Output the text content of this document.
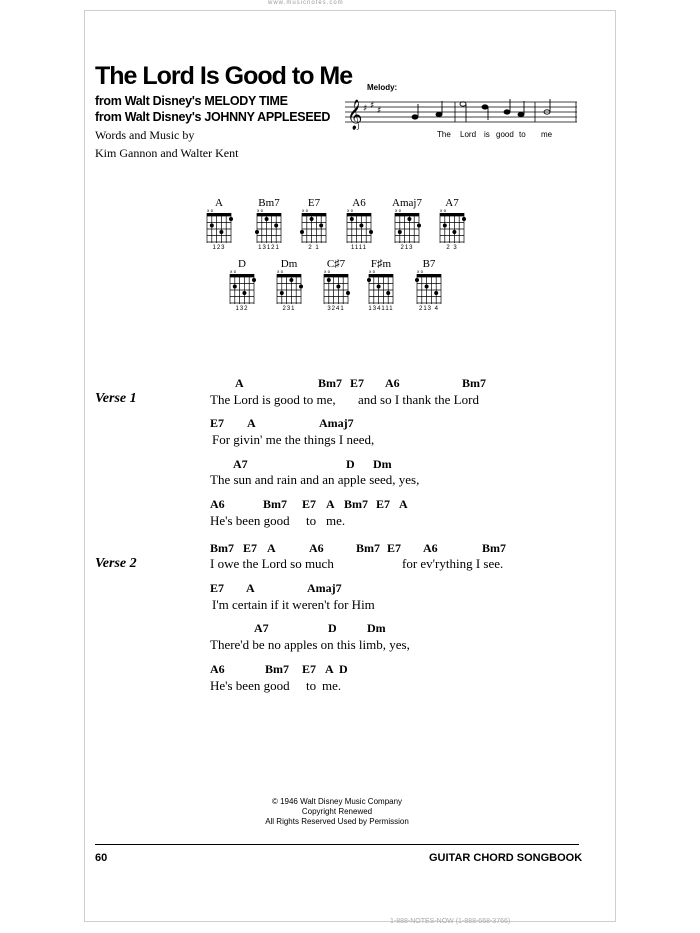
www.musicnotes.com
The Lord Is Good to Me
from Walt Disney's MELODY TIME
from Walt Disney's JOHNNY APPLESEED
Words and Music by
Kim Gannon and Walter Kent
Melody:
𝄞 ♯ ♯ ♯
The Lord is good to me
A
x o
123
Bm7
x o
13121
E7
x o
2 1
A6
x o
1111
Amaj7
x o
213
A7
x o
2 3
D
x o
132
Dm
x o
231
C♯7
x o
3241
F♯m
x o
134111
B7
x o
213 4
Verse 1
Verse 2
A	Bm7 E7 A6	Bm7
The Lord is good to me, and so I thank the Lord
E7 A	Amaj7
For givin' me the things I need,
A7	D Dm
The sun and rain and an apple seed, yes,
A6	Bm7 E7 A Bm7 E7 A
He's been good to me.
Bm7 E7 A	A6	Bm7 E7 A6	Bm7
I owe the Lord so much	for ev'rything I see.
E7 A	Amaj7
I'm certain if it weren't for Him
A7	D	Dm
There'd be no apples on this limb, yes,
A6	Bm7 E7 A D
He's been good to me.
© 1946 Walt Disney Music Company
Copyright Renewed
All Rights Reserved Used by Permission
60	GUITAR CHORD SONGBOOK
1-888-NOTES-NOW (1-888-668-3766)
